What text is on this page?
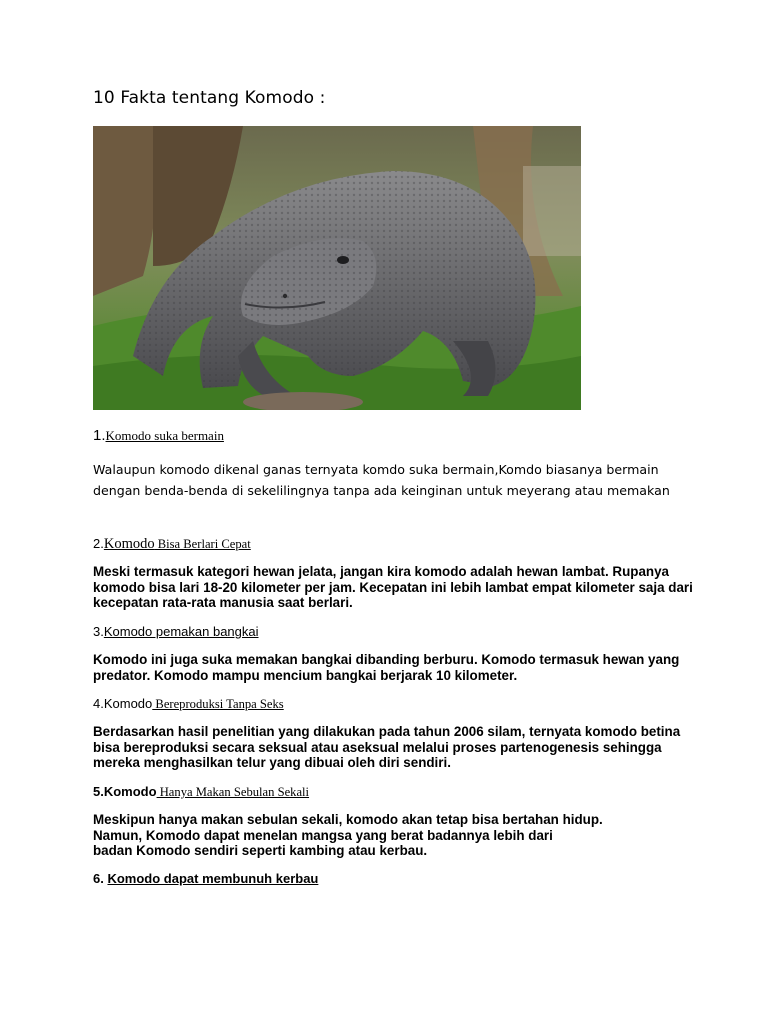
10 Fakta tentang Komodo :
1.Komodo suka bermain

Walaupun komodo dikenal ganas ternyata komdo suka bermain,Komdo biasanya bermain dengan benda-benda di sekelilingnya tanpa ada keinginan untuk meyerang atau memakan

2.Komodo Bisa Berlari Cepat

Meski termasuk kategori hewan jelata, jangan kira komodo adalah hewan lambat. Rupanya komodo bisa lari 18-20 kilometer per jam. Kecepatan ini lebih lambat empat kilometer saja dari kecepatan rata-rata manusia saat berlari.

3.Komodo pemakan bangkai

Komodo ini juga suka memakan bangkai dibanding berburu. Komodo termasuk hewan yang predator. Komodo mampu mencium bangkai berjarak 10 kilometer.

4.Komodo Bereproduksi Tanpa Seks

Berdasarkan hasil penelitian yang dilakukan pada tahun 2006 silam, ternyata komodo betina bisa bereproduksi secara seksual atau aseksual melalui proses partenogenesis sehingga mereka menghasilkan telur yang dibuai oleh diri sendiri.

5.Komodo Hanya Makan Sebulan Sekali
Meskipun hanya makan sebulan sekali, komodo akan tetap bisa bertahan hidup.
Namun, Komodo dapat menelan mangsa yang berat badannya lebih dari
badan Komodo sendiri seperti kambing atau kerbau.
6. Komodo dapat membunuh kerbau
